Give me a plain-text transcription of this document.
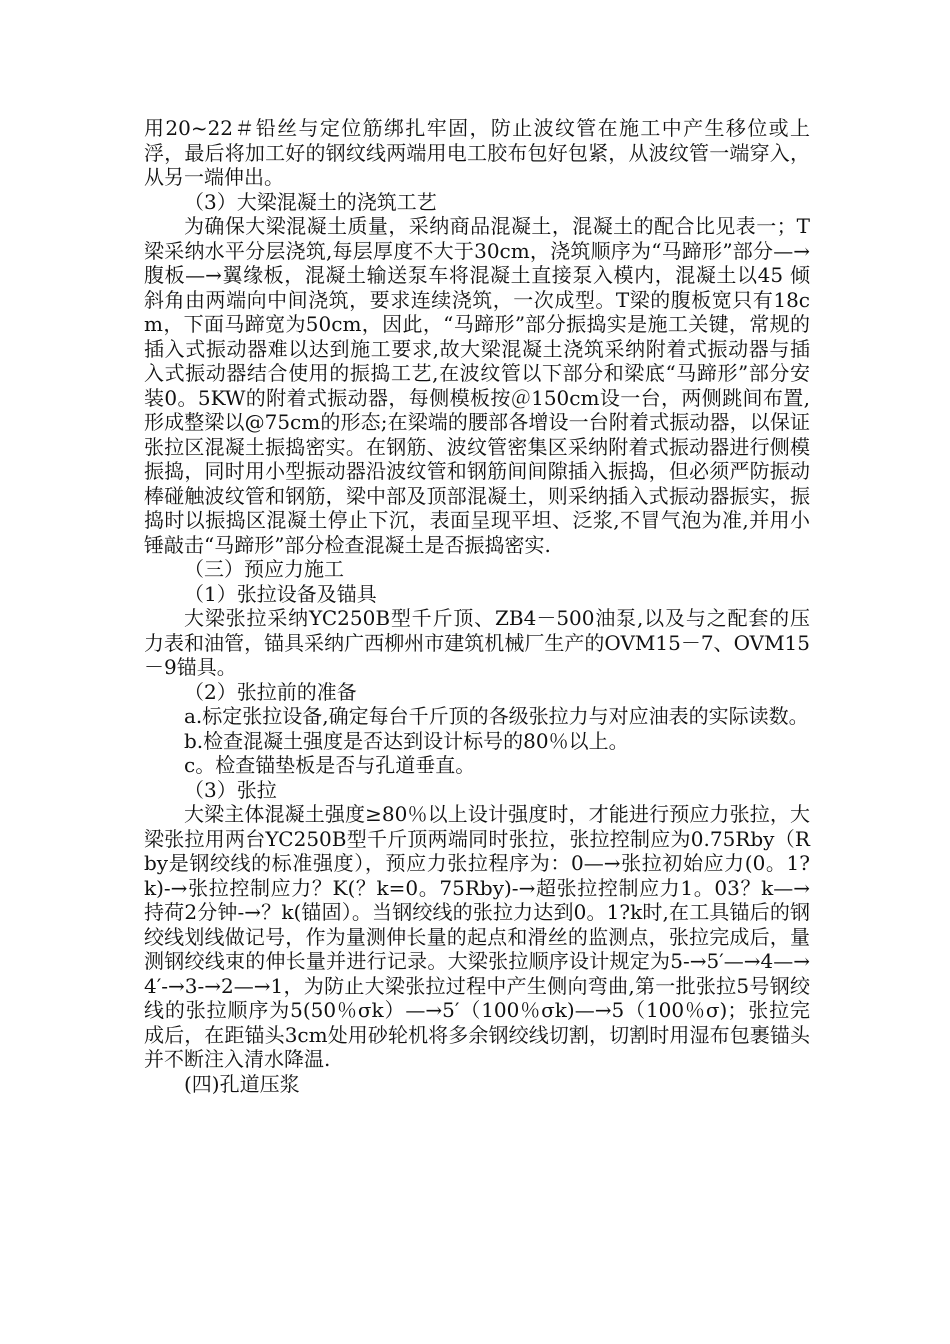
用20~22＃铅丝与定位筋绑扎牢固，防止波纹管在施工中产生移位或上浮，最后将加工好的钢纹线两端用电工胶布包好包紧，从波纹管一端穿入，从另一端伸出。

（3）大梁混凝土的浇筑工艺

为确保大梁混凝土质量，采纳商品混凝土，混凝土的配合比见表一；T梁采纳水平分层浇筑,每层厚度不大于30cm，浇筑顺序为“马蹄形”部分—→腹板—→翼缘板，混凝土输送泵车将混凝土直接泵入模内，混凝土以45 倾斜角由两端向中间浇筑，要求连续浇筑，一次成型。T梁的腹板宽只有18cm，下面马蹄宽为50cm，因此，“马蹄形”部分振捣实是施工关键，常规的插入式振动器难以达到施工要求,故大梁混凝土浇筑采纳附着式振动器与插入式振动器结合使用的振捣工艺,在波纹管以下部分和梁底“马蹄形”部分安装0。5KW的附着式振动器，每侧模板按＠150cm设一台，两侧跳间布置,形成整梁以@75cm的形态;在梁端的腰部各增设一台附着式振动器，以保证张拉区混凝土振捣密实。在钢筋、波纹管密集区采纳附着式振动器进行侧模振捣，同时用小型振动器沿波纹管和钢筋间间隙插入振捣，但必须严防振动棒碰触波纹管和钢筋，梁中部及顶部混凝土，则采纳插入式振动器振实，振捣时以振捣区混凝土停止下沉，表面呈现平坦、泛浆,不冒气泡为准,并用小锤敲击“马蹄形”部分检查混凝土是否振捣密实.

（三）预应力施工

（1）张拉设备及锚具

大梁张拉采纳YC250B型千斤顶、ZB4－500油泵,以及与之配套的压力表和油管，锚具采纳广西柳州市建筑机械厂生产的OVM15－7、OVM15－9锚具。

（2）张拉前的准备

a.标定张拉设备,确定每台千斤顶的各级张拉力与对应油表的实际读数。

b.检查混凝土强度是否达到设计标号的80％以上。

c。检查锚垫板是否与孔道垂直。

（3）张拉

大梁主体混凝土强度≥80％以上设计强度时，才能进行预应力张拉，大梁张拉用两台YC250B型千斤顶两端同时张拉，张拉控制应为0.75Rby（Rby是钢绞线的标准强度），预应力张拉程序为：0—→张拉初始应力(0。1?k)-→张拉控制应力？K(？k=0。75Rby)-→超张拉控制应力1。03？k—→持荷2分钟-→？k(锚固）。当钢绞线的张拉力达到0。1?k时,在工具锚后的钢绞线划线做记号，作为量测伸长量的起点和滑丝的监测点，张拉完成后，量测钢绞线束的伸长量并进行记录。大梁张拉顺序设计规定为5-→5′—→4—→4′-→3-→2—→1，为防止大梁张拉过程中产生侧向弯曲,第一批张拉5号钢绞线的张拉顺序为5(50％σk）—→5′（100％σk)—→5（100％σ)；张拉完成后，在距锚头3cm处用砂轮机将多余钢绞线切割，切割时用湿布包裹锚头并不断注入清水降温.

(四)孔道压浆
